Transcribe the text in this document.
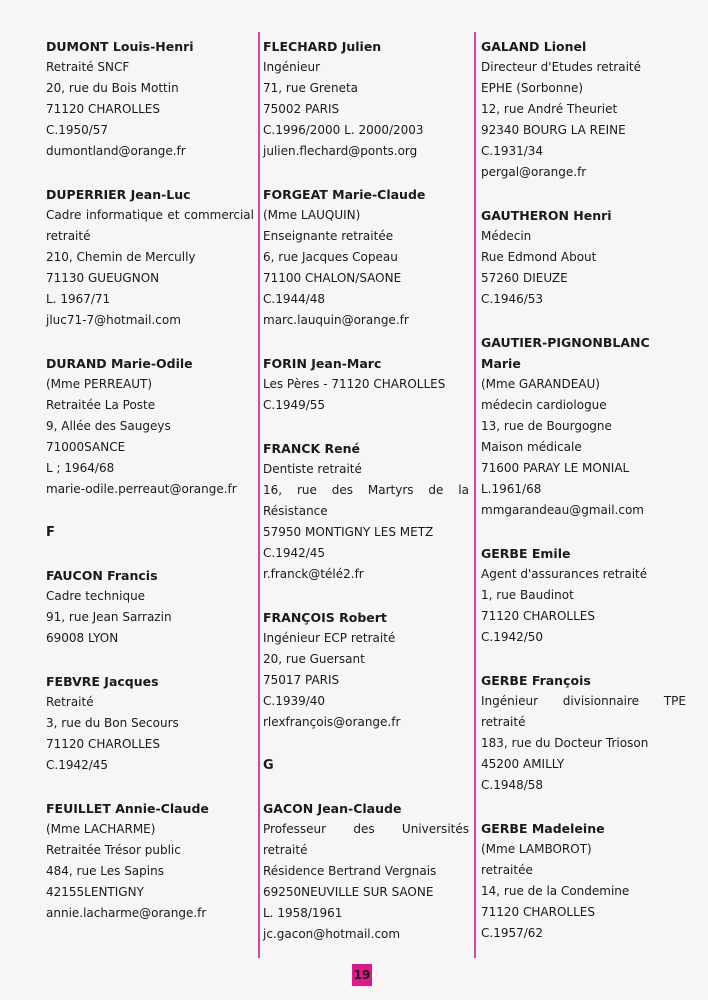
DUMONT Louis-Henri
Retraité SNCF
20, rue du Bois Mottin
71120 CHAROLLES
C.1950/57
dumontland@orange.fr
DUPERRIER Jean-Luc
Cadre informatique et commercial retraité
210, Chemin de Mercully
71130 GUEUGNON
L. 1967/71
jluc71-7@hotmail.com
DURAND Marie-Odile
(Mme PERREAUT)
Retraitée La Poste
9, Allée des Saugeys
71000SANCE
L ; 1964/68
marie-odile.perreaut@orange.fr
F
FAUCON Francis
Cadre technique
91, rue Jean Sarrazin
69008 LYON
FEBVRE Jacques
Retraité
3, rue du Bon Secours
71120 CHAROLLES
C.1942/45
FEUILLET Annie-Claude
(Mme LACHARME)
Retraitée Trésor public
484, rue Les Sapins
42155LENTIGNY
annie.lacharme@orange.fr
FLECHARD Julien
Ingénieur
71, rue Greneta
75002 PARIS
C.1996/2000 L. 2000/2003
julien.flechard@ponts.org
FORGEAT Marie-Claude
(Mme LAUQUIN)
Enseignante retraitée
6, rue Jacques Copeau
71100 CHALON/SAONE
C.1944/48
marc.lauquin@orange.fr
FORIN Jean-Marc
Les Pères - 71120 CHAROLLES
C.1949/55
FRANCK René
Dentiste retraité
16, rue des Martyrs de la Résistance
57950 MONTIGNY LES METZ
C.1942/45
r.franck@télé2.fr
FRANÇOIS Robert
Ingénieur ECP retraité
20, rue Guersant
75017 PARIS
C.1939/40
rlexfrançois@orange.fr
G
GACON Jean-Claude
Professeur des Universités retraité
Résidence Bertrand Vergnais
69250NEUVILLE SUR SAONE
L. 1958/1961
jc.gacon@hotmail.com
GALAND Lionel
Directeur d'Etudes retraité
EPHE (Sorbonne)
12, rue André Theuriet
92340 BOURG LA REINE
C.1931/34
pergal@orange.fr
GAUTHERON Henri
Médecin
Rue Edmond About
57260 DIEUZE
C.1946/53
GAUTIER-PIGNONBLANC Marie
(Mme GARANDEAU)
médecin cardiologue
13, rue de Bourgogne
Maison médicale
71600 PARAY LE MONIAL
L.1961/68
mmgarandeau@gmail.com
GERBE Emile
Agent d'assurances retraité
1, rue Baudinot
71120 CHAROLLES
C.1942/50
GERBE François
Ingénieur divisionnaire TPE retraité
183, rue du Docteur Trioson
45200 AMILLY
C.1948/58
GERBE Madeleine
(Mme LAMBOROT)
retraitée
14, rue de la Condemine
71120 CHAROLLES
C.1957/62
19
